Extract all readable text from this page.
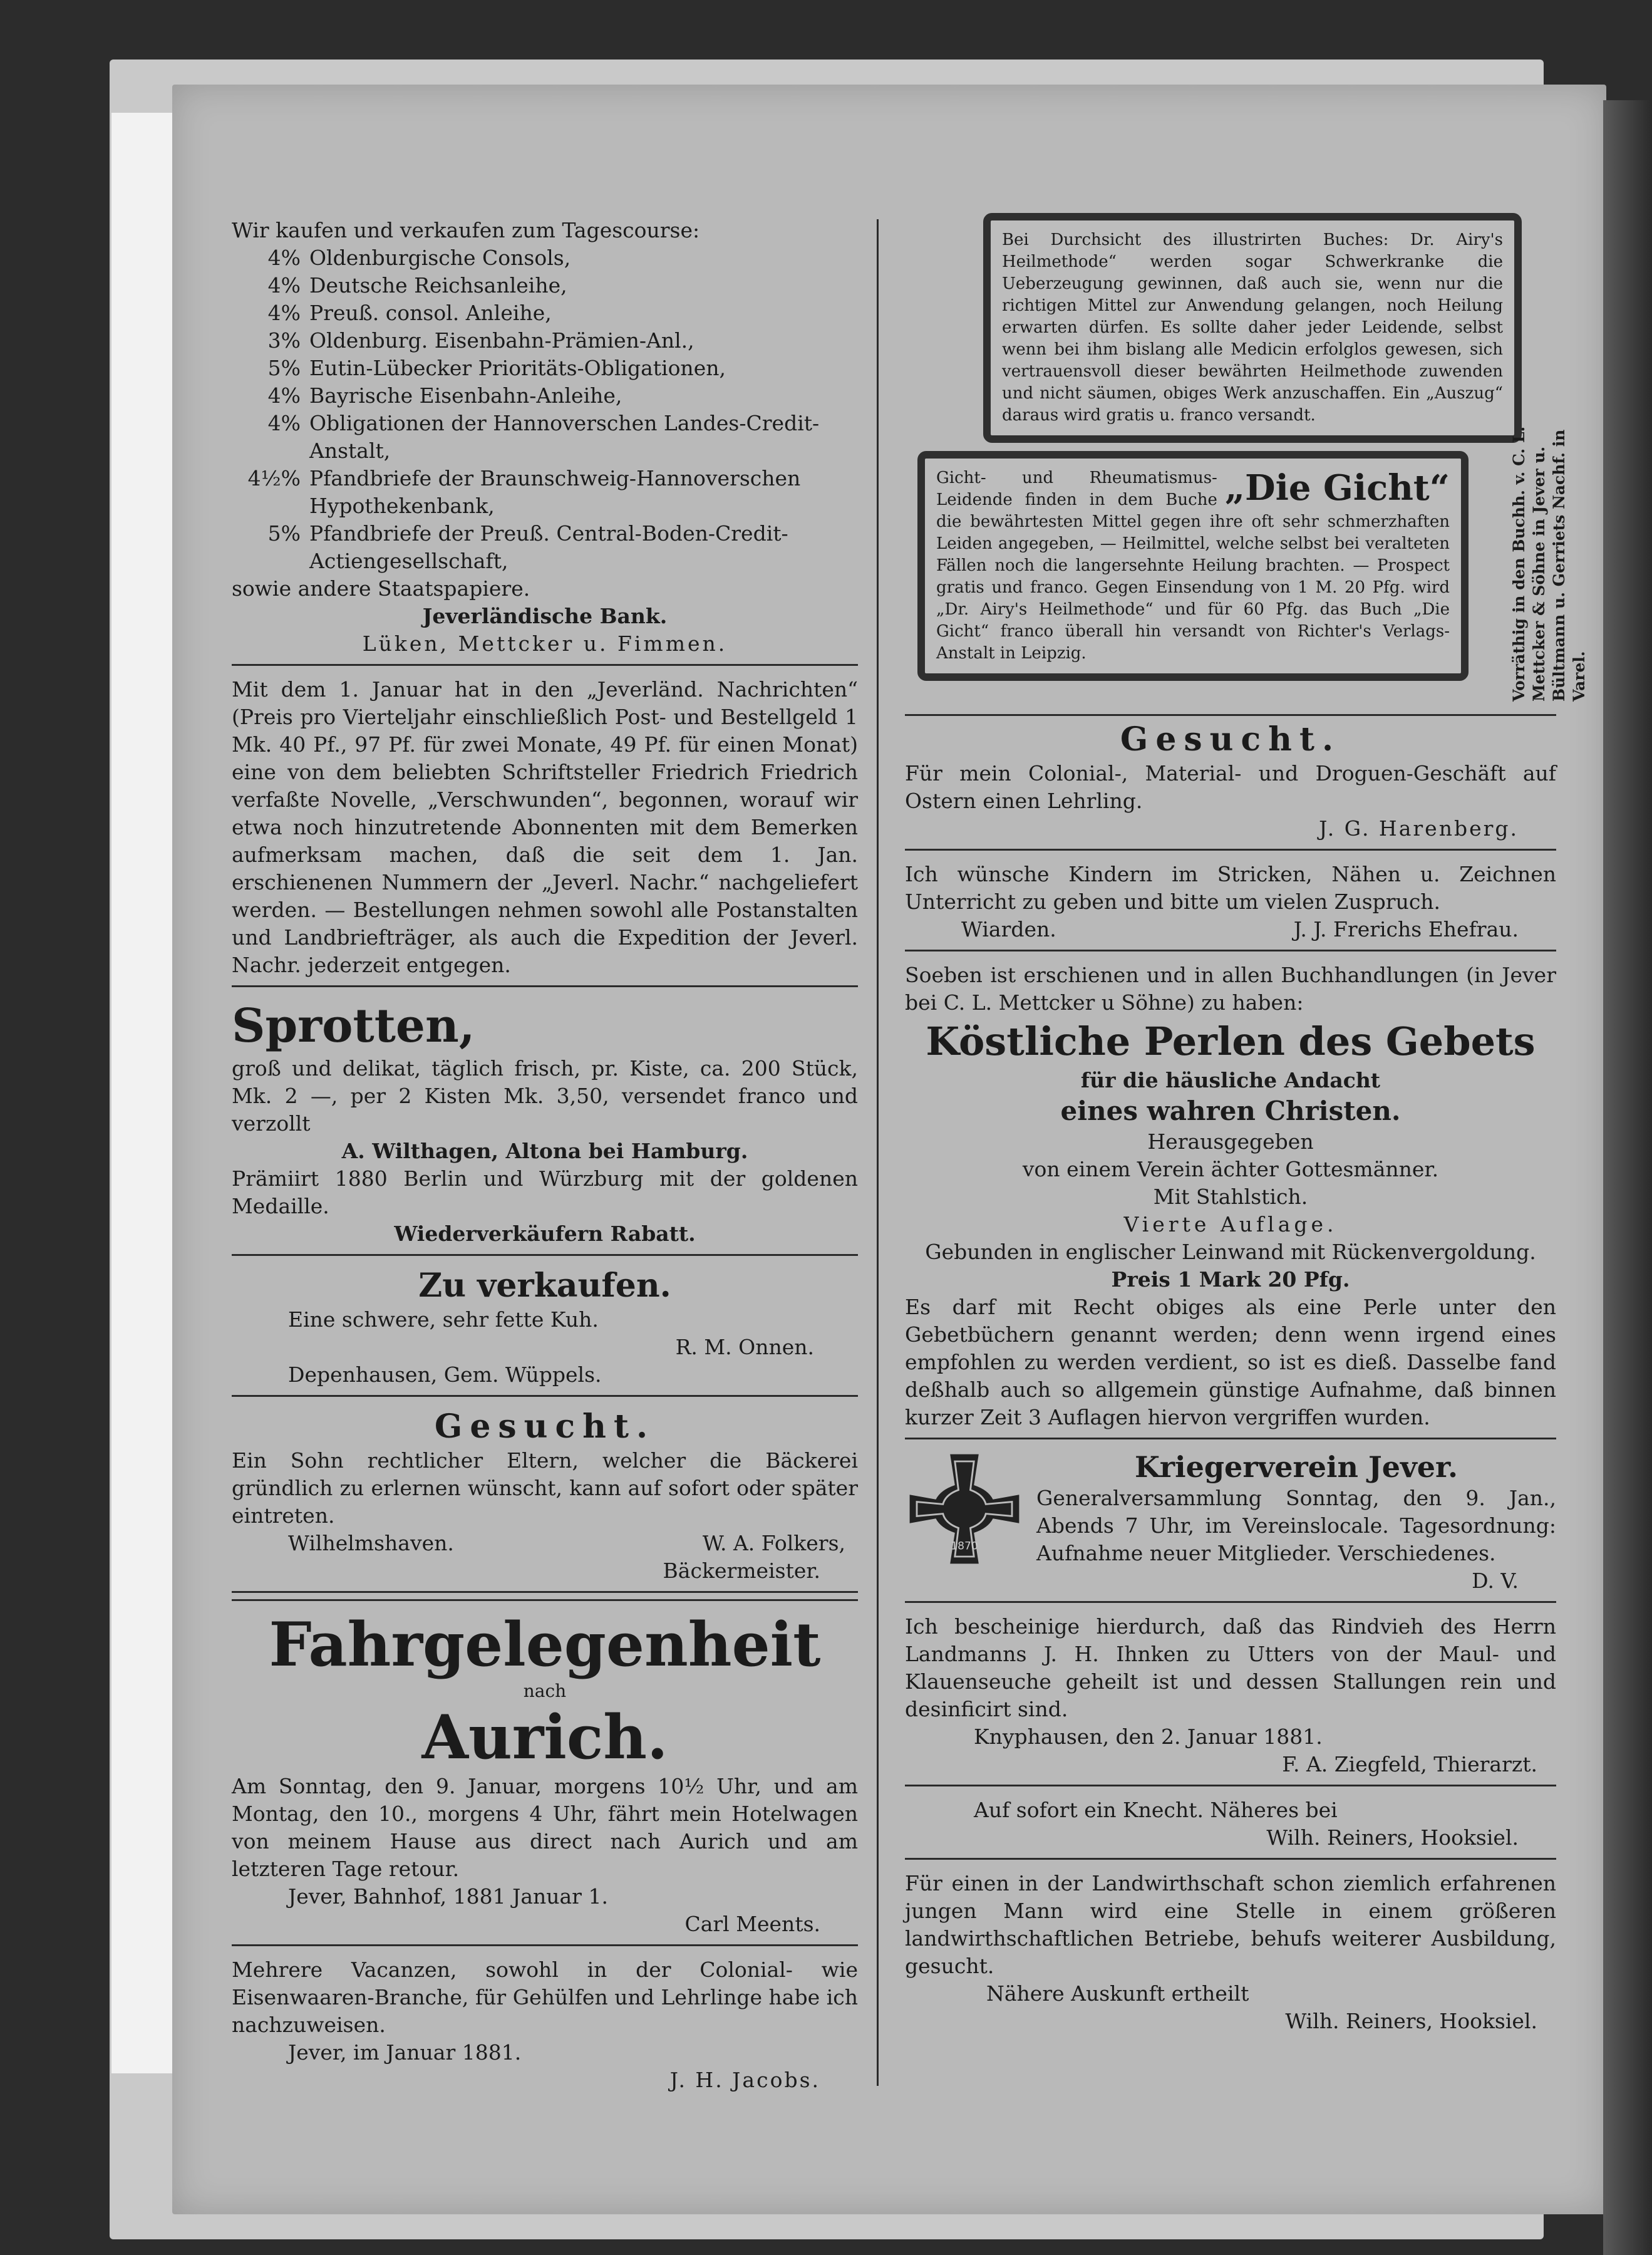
Wir kaufen und verkaufen zum Tagescourse:
4% Oldenburgische Consols,
4% Deutsche Reichsanleihe,
4% Preuß. consol. Anleihe,
3% Oldenburg. Eisenbahn-Prämien-Anl.,
5% Eutin-Lübecker Prioritäts-Obligationen,
4% Bayrische Eisenbahn-Anleihe,
4% Obligationen der Hannoverschen Landes-Credit-Anstalt,
4½% Pfandbriefe der Braunschweig-Hannoverschen Hypothekenbank,
5% Pfandbriefe der Preuß. Central-Boden-Credit-Actiengesellschaft,
sowie andere Staatspapiere.
Jeverländische Bank.
Lüken, Mettcker u. Fimmen.

Mit dem 1. Januar hat in den „Jeverländ. Nachrichten“ (Preis pro Vierteljahr einschließlich Post- und Bestellgeld 1 Mk. 40 Pf., 97 Pf. für zwei Monate, 49 Pf. für einen Monat) eine von dem beliebten Schriftsteller Friedrich Friedrich verfaßte Novelle, „Verschwunden“, begonnen, worauf wir etwa noch hinzutretende Abonnenten mit dem Bemerken aufmerksam machen, daß die seit dem 1. Jan. erschienenen Nummern der „Jeverl. Nachr.“ nachgeliefert werden. — Bestellungen nehmen sowohl alle Postanstalten und Landbriefträger, als auch die Expedition der Jeverl. Nachr. jederzeit entgegen.

Sprotten,

groß und delikat, täglich frisch, pr. Kiste, ca. 200 Stück, Mk. 2 —, per 2 Kisten Mk. 3,50, versendet franco und verzollt

A. Wilthagen, Altona bei Hamburg.

Prämiirt 1880 Berlin und Würzburg mit der goldenen Medaille.

Wiederverkäufern Rabatt.
Zu verkaufen.
Eine schwere, sehr fette Kuh.
R. M. Onnen.
Depenhausen, Gem. Wüppels.
Gesucht.

Ein Sohn rechtlicher Eltern, welcher die Bäckerei gründlich zu erlernen wünscht, kann auf sofort oder später eintreten.

Wilhelmshaven.	W. A. Folkers,
Bäckermeister.
Fahrgelegenheit
nach
Aurich.

Am Sonntag, den 9. Januar, morgens 10½ Uhr, und am Montag, den 10., morgens 4 Uhr, fährt mein Hotelwagen von meinem Hause aus direct nach Aurich und am letzteren Tage retour.

Jever, Bahnhof, 1881 Januar 1.
Carl Meents.

Mehrere Vacanzen, sowohl in der Colonial- wie Eisenwaaren-Branche, für Gehülfen und Lehrlinge habe ich nachzuweisen.

Jever, im Januar 1881.
J. H. Jacobs.

Bei Durchsicht des illustrirten Buches: Dr. Airy's Heilmethode“ werden sogar Schwerkranke die Ueberzeugung gewinnen, daß auch sie, wenn nur die richtigen Mittel zur Anwendung gelangen, noch Heilung erwarten dürfen. Es sollte daher jeder Leidende, selbst wenn bei ihm bislang alle Medicin erfolglos gewesen, sich vertrauensvoll dieser bewährten Heilmethode zuwenden und nicht säumen, obiges Werk anzuschaffen. Ein „Auszug“ daraus wird gratis u. franco versandt.

„Die Gicht“

Gicht- und Rheumatismus-Leidende finden in dem Buche die bewährtesten Mittel gegen ihre oft sehr schmerzhaften Leiden angegeben, — Heilmittel, welche selbst bei veralteten Fällen noch die langersehnte Heilung brachten. — Prospect gratis und franco. Gegen Einsendung von 1 M. 20 Pfg. wird „Dr. Airy's Heilmethode“ und für 60 Pfg. das Buch „Die Gicht“ franco überall hin versandt von Richter's Verlags-Anstalt in Leipzig.	Vorräthig in den Buchh. v. C. L. Mettcker & Söhne in Jever u. Bültmann u. Gerriets Nachf. in Varel.
Gesucht.

Für mein Colonial-, Material- und Droguen-Geschäft auf Ostern einen Lehrling.

J. G. Harenberg.

Ich wünsche Kindern im Stricken, Nähen u. Zeichnen Unterricht zu geben und bitte um vielen Zuspruch.

Wiarden.	J. J. Frerichs Ehefrau.

Soeben ist erschienen und in allen Buchhandlungen (in Jever bei C. L. Mettcker u Söhne) zu haben:

Köstliche Perlen des Gebets
für die häusliche Andacht
eines wahren Christen.
Herausgegeben
von einem Verein ächter Gottesmänner.
Mit Stahlstich.
Vierte Auflage.
Gebunden in englischer Leinwand mit Rückenvergoldung.
Preis 1 Mark 20 Pfg.

Es darf mit Recht obiges als eine Perle unter den Gebetbüchern genannt werden; denn wenn irgend eines empfohlen zu werden verdient, so ist es dieß. Dasselbe fand deßhalb auch so allgemein günstige Aufnahme, daß binnen kurzer Zeit 3 Auflagen hiervon vergriffen wurden.

1870
Kriegerverein Jever.

Generalversammlung Sonntag, den 9. Jan., Abends 7 Uhr, im Vereinslocale. Tagesordnung: Aufnahme neuer Mitglieder. Verschiedenes.

D. V.

Ich bescheinige hierdurch, daß das Rindvieh des Herrn Landmanns J. H. Ihnken zu Utters von der Maul- und Klauenseuche geheilt ist und dessen Stallungen rein und desinficirt sind.

Knyphausen, den 2. Januar 1881.
F. A. Ziegfeld, Thierarzt.
Auf sofort ein Knecht. Näheres bei
Wilh. Reiners, Hooksiel.

Für einen in der Landwirthschaft schon ziemlich erfahrenen jungen Mann wird eine Stelle in einem größeren landwirthschaftlichen Betriebe, behufs weiterer Ausbildung, gesucht.

Nähere Auskunft ertheilt
Wilh. Reiners, Hooksiel.
